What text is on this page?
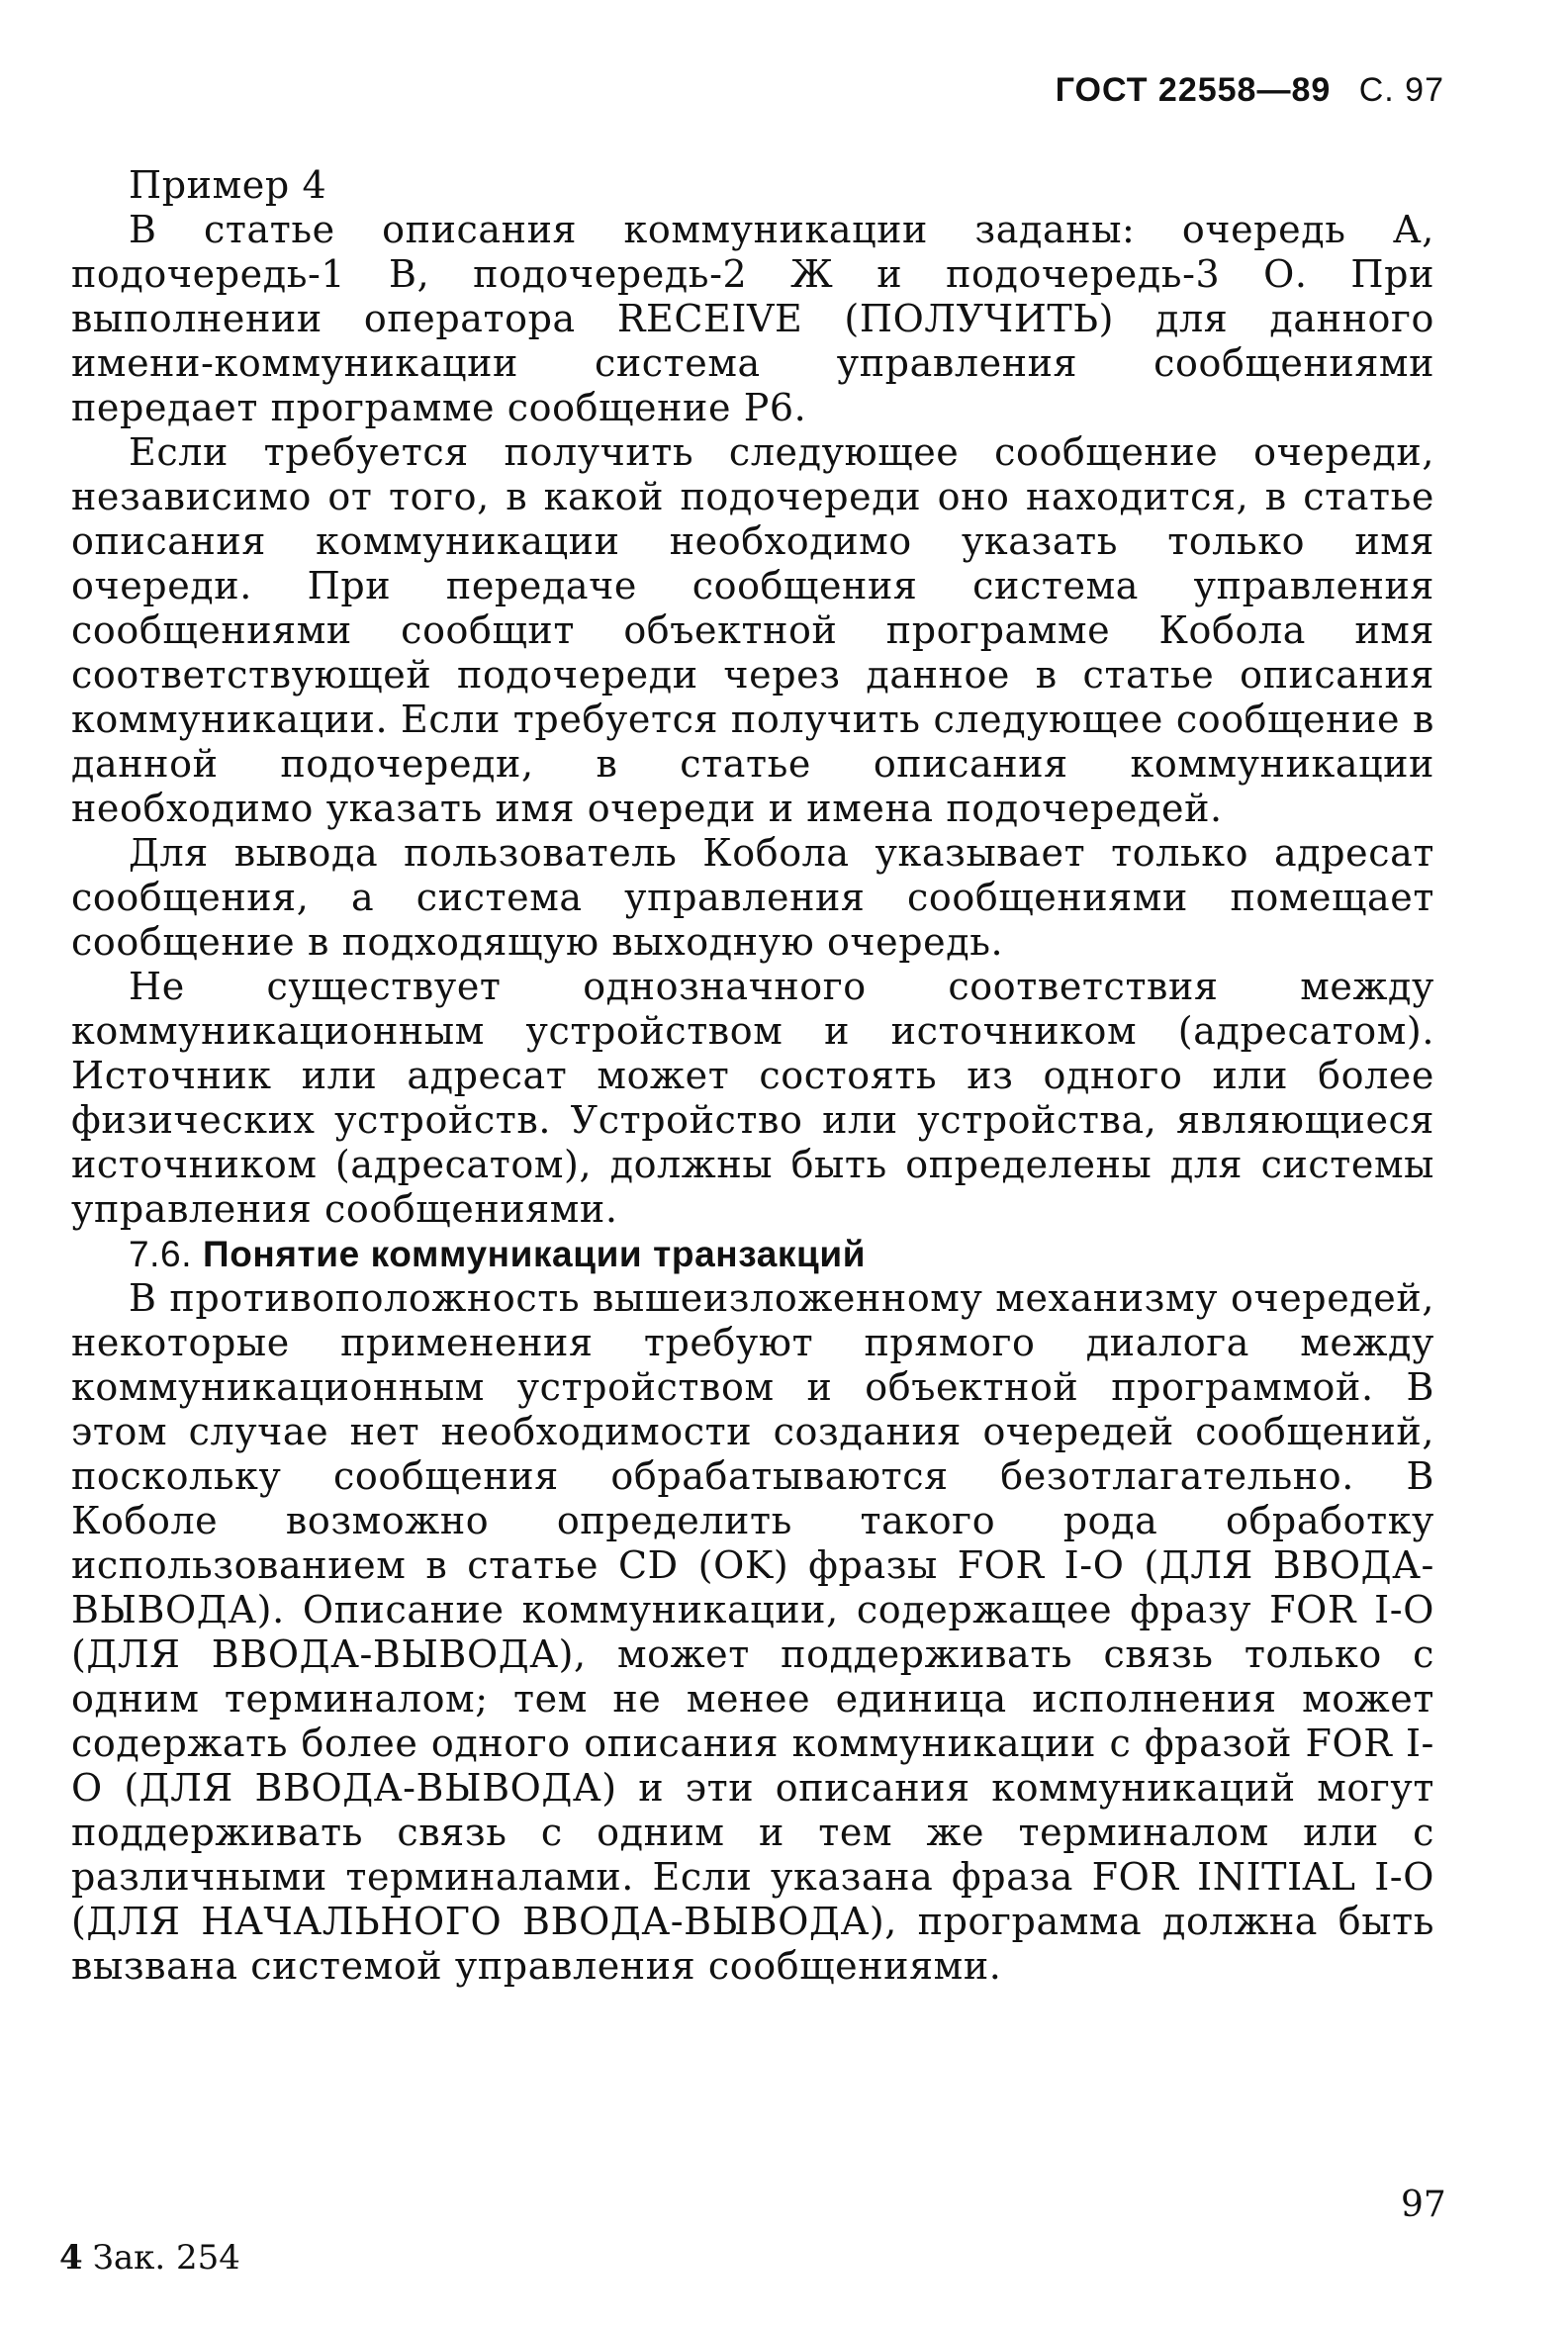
ГОСТ 22558—89 С. 97

Пример 4

В статье описания коммуникации заданы: очередь А, подочередь-1 В, подочередь-2 Ж и подочередь-3 О. При выполнении оператора RECEIVE (ПОЛУЧИТЬ) для данного имени-коммуникации система управления сообщениями передает программе сообщение Р6.

Если требуется получить следующее сообщение очереди, независимо от того, в какой подочереди оно находится, в статье описания коммуникации необходимо указать только имя очереди. При передаче сообщения система управления сообщениями сообщит объектной программе Кобола имя соответствующей подочереди через данное в статье описания коммуникации. Если требуется получить следующее сообщение в данной подочереди, в статье описания коммуникации необходимо указать имя очереди и имена подочередей.

Для вывода пользователь Кобола указывает только адресат сообщения, а система управления сообщениями помещает сообщение в подходящую выходную очередь.

Не существует однозначного соответствия между коммуникационным устройством и источником (адресатом). Источник или адресат может состоять из одного или более физических устройств. Устройство или устройства, являющиеся источником (адресатом), должны быть определены для системы управления сообщениями.

7.6. Понятие коммуникации транзакций

В противоположность вышеизложенному механизму очередей, некоторые применения требуют прямого диалога между коммуникационным устройством и объектной программой. В этом случае нет необходимости создания очередей сообщений, поскольку сообщения обрабатываются безотлагательно. В Коболе возможно определить такого рода обработку использованием в статье CD (OK) фразы FOR I-O (ДЛЯ ВВОДА-ВЫВОДА). Описание коммуникации, содержащее фразу FOR I-O (ДЛЯ ВВОДА-ВЫВОДА), может поддерживать связь только с одним терминалом; тем не менее единица исполнения может содержать более одного описания коммуникации с фразой FOR I-O (ДЛЯ ВВОДА-ВЫВОДА) и эти описания коммуникаций могут поддерживать связь с одним и тем же терминалом или с различными терминалами. Если указана фраза FOR INITIAL I-O (ДЛЯ НАЧАЛЬНОГО ВВОДА-ВЫВОДА), программа должна быть вызвана системой управления сообщениями.

97
4 Зак. 254
